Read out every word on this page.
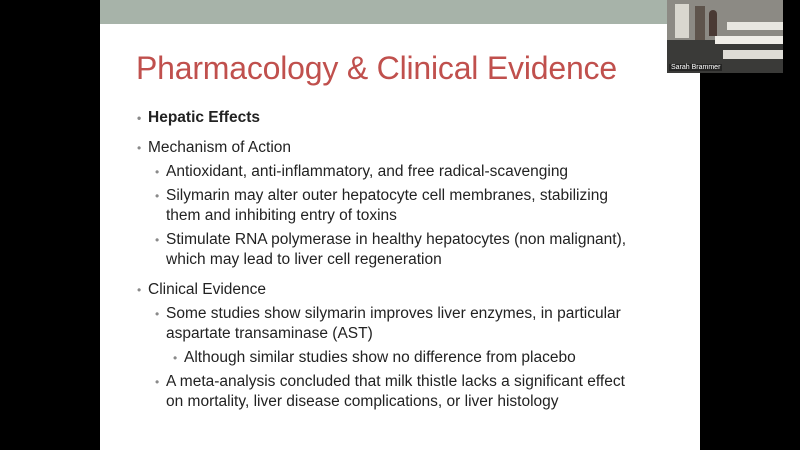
Pharmacology & Clinical Evidence
• Hepatic Effects
• Mechanism of Action
• Antioxidant, anti-inflammatory, and free radical-scavenging
• Silymarin may alter outer hepatocyte cell membranes, stabilizing
them and inhibiting entry of toxins
• Stimulate RNA polymerase in healthy hepatocytes (non malignant),
which may lead to liver cell regeneration
• Clinical Evidence
• Some studies show silymarin improves liver enzymes, in particular
aspartate transaminase (AST)
• Although similar studies show no difference from placebo
• A meta-analysis concluded that milk thistle lacks a significant effect
on mortality, liver disease complications, or liver histology
Sarah Brammer
